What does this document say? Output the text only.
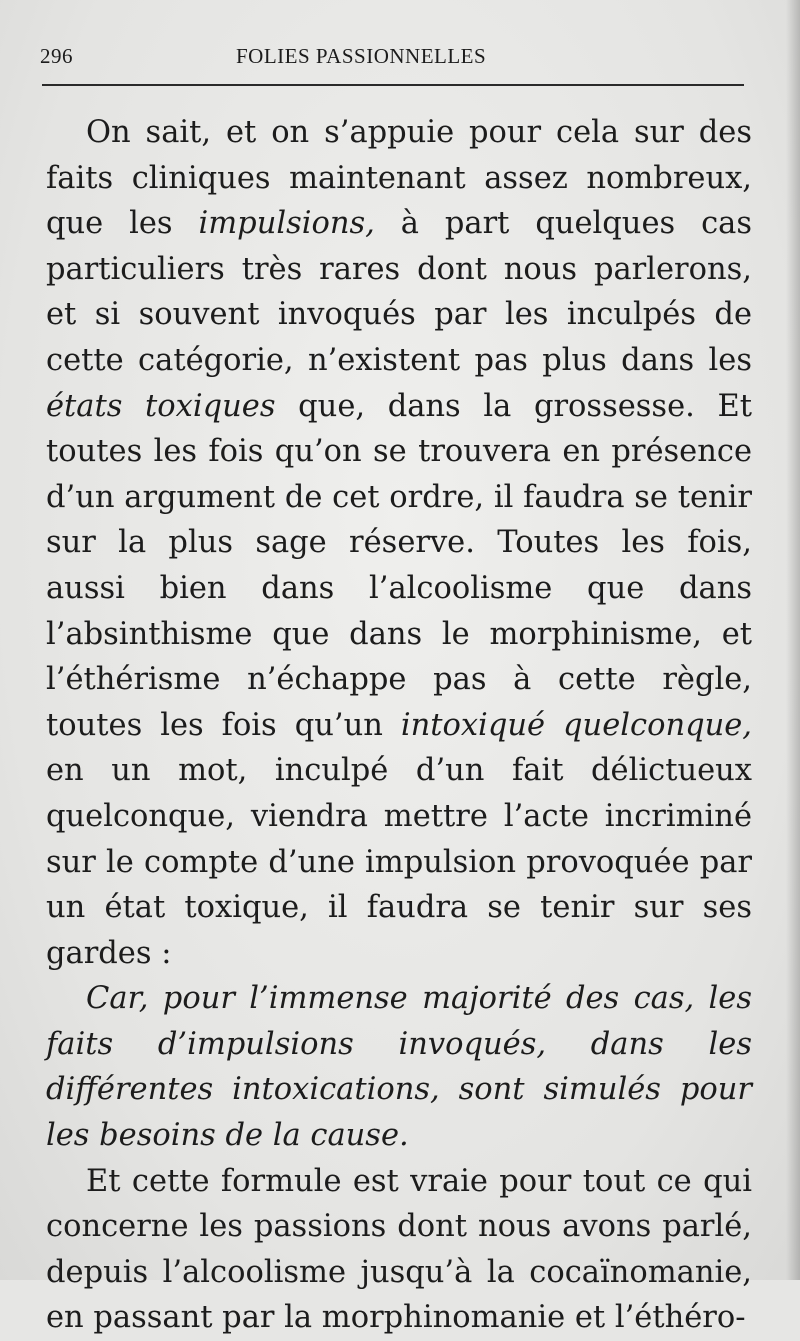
296	FOLIES PASSIONNELLES

On sait, et on s’appuie pour cela sur des faits cliniques maintenant assez nombreux, que les impulsions, à part quelques cas particuliers très rares dont nous parlerons, et si souvent invoqués par les inculpés de cette catégorie, n’existent pas plus dans les états toxiques que, dans la grossesse. Et toutes les fois qu’on se trouvera en présence d’un argument de cet ordre, il faudra se tenir sur la plus sage réserve. Toutes les fois, aussi bien dans l’alcoolisme que dans l’absinthisme que dans le morphinisme, et l’éthérisme n’échappe pas à cette règle, toutes les fois qu’un intoxiqué quelconque, en un mot, inculpé d’un fait délictueux quelconque, viendra mettre l’acte incriminé sur le compte d’une impulsion provoquée par un état toxique, il faudra se tenir sur ses gardes :

Car, pour l’immense majorité des cas, les faits d’impulsions invoqués, dans les différentes intoxications, sont simulés pour les besoins de la cause.

Et cette formule est vraie pour tout ce qui concerne les passions dont nous avons parlé, depuis l’alcoolisme jusqu’à la cocaïnomanie, en passant par la morphinomanie et l’éthéro-
